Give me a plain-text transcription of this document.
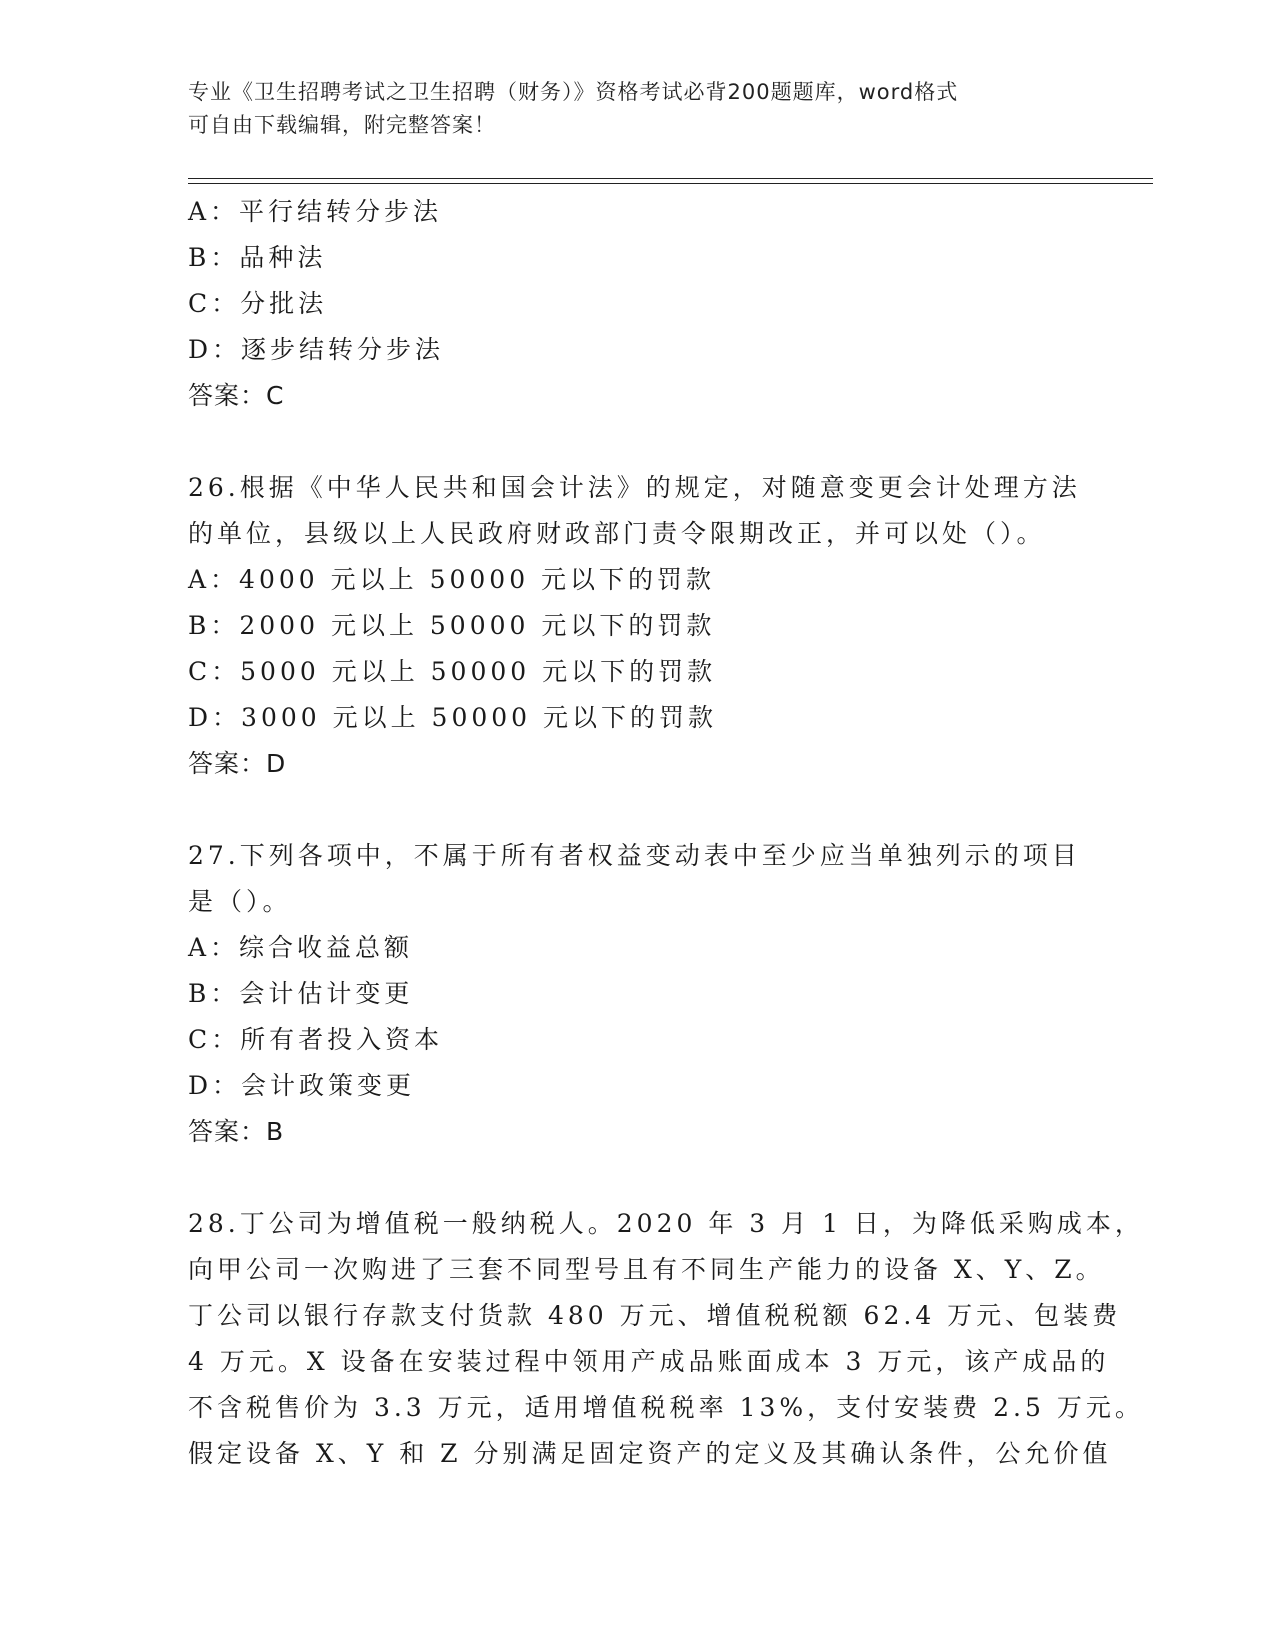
专业《卫生招聘考试之卫生招聘（财务）》资格考试必背200题题库，word格式
可自由下载编辑，附完整答案！
A：平行结转分步法
B：品种法
C：分批法
D：逐步结转分步法
答案：C
26.根据《中华人民共和国会计法》的规定，对随意变更会计处理方法
的单位，县级以上人民政府财政部门责令限期改正，并可以处（）。
A：4000 元以上 50000 元以下的罚款
B：2000 元以上 50000 元以下的罚款
C：5000 元以上 50000 元以下的罚款
D：3000 元以上 50000 元以下的罚款
答案：D
27.下列各项中，不属于所有者权益变动表中至少应当单独列示的项目
是（）。
A：综合收益总额
B：会计估计变更
C：所有者投入资本
D：会计政策变更
答案：B
28.丁公司为增值税一般纳税人。2020 年 3 月 1 日，为降低采购成本，
向甲公司一次购进了三套不同型号且有不同生产能力的设备 X、Y、Z。
丁公司以银行存款支付货款 480 万元、增值税税额 62.4 万元、包装费
4 万元。X 设备在安装过程中领用产成品账面成本 3 万元，该产成品的
不含税售价为 3.3 万元，适用增值税税率 13%，支付安装费 2.5 万元。
假定设备 X、Y 和 Z 分别满足固定资产的定义及其确认条件，公允价值
